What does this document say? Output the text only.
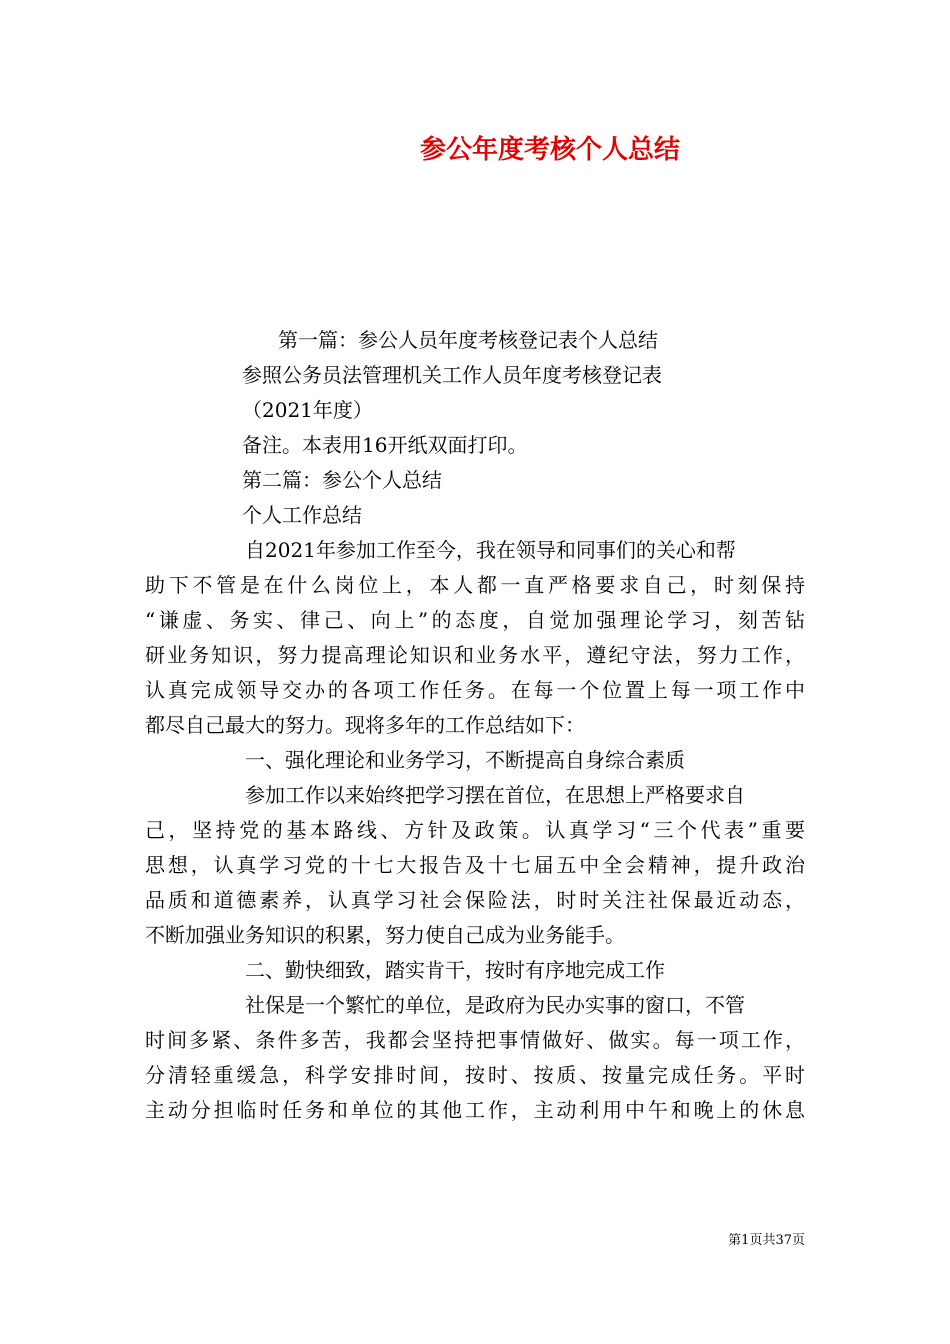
参公年度考核个人总结

第一篇：参公人员年度考核登记表个人总结

参照公务员法管理机关工作人员年度考核登记表

（2021年度）

备注。本表用16开纸双面打印。

第二篇：参公个人总结

个人工作总结

自2021年参加工作至今，我在领导和同事们的关心和帮

助下不管是在什么岗位上，本人都一直严格要求自己，时刻保持

“谦虚、务实、律己、向上”的态度，自觉加强理论学习，刻苦钻

研业务知识，努力提高理论知识和业务水平，遵纪守法，努力工作，

认真完成领导交办的各项工作任务。在每一个位置上每一项工作中

都尽自己最大的努力。现将多年的工作总结如下：

一、强化理论和业务学习，不断提高自身综合素质

参加工作以来始终把学习摆在首位，在思想上严格要求自

己，坚持党的基本路线、方针及政策。认真学习“三个代表”重要

思想，认真学习党的十七大报告及十七届五中全会精神，提升政治

品质和道德素养，认真学习社会保险法，时时关注社保最近动态，

不断加强业务知识的积累，努力使自己成为业务能手。

二、勤快细致，踏实肯干，按时有序地完成工作

社保是一个繁忙的单位，是政府为民办实事的窗口，不管

时间多紧、条件多苦，我都会坚持把事情做好、做实。每一项工作，

分清轻重缓急，科学安排时间，按时、按质、按量完成任务。平时

主动分担临时任务和单位的其他工作，主动利用中午和晚上的休息

第1页共37页
